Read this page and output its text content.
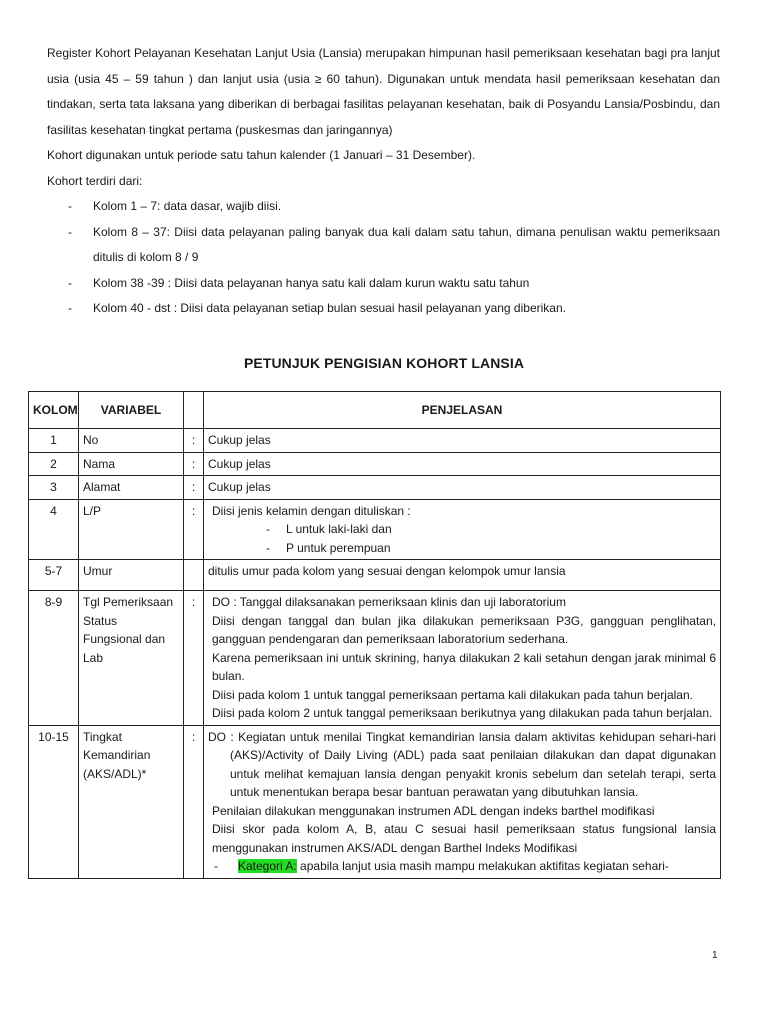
Register Kohort Pelayanan Kesehatan Lanjut Usia (Lansia) merupakan himpunan hasil pemeriksaan kesehatan bagi pra lanjut usia (usia 45 – 59 tahun ) dan lanjut usia (usia ≥ 60 tahun). Digunakan untuk mendata hasil pemeriksaan kesehatan dan tindakan, serta tata laksana yang diberikan di berbagai fasilitas pelayanan kesehatan, baik di Posyandu Lansia/Posbindu, dan fasilitas kesehatan tingkat pertama (puskesmas dan jaringannya)

Kohort digunakan untuk periode satu tahun kalender (1 Januari – 31 Desember).

Kohort terdiri dari:

- Kolom 1 – 7: data dasar, wajib diisi.
- Kolom 8 – 37: Diisi data pelayanan paling banyak dua kali dalam satu tahun, dimana penulisan waktu pemeriksaan ditulis di kolom 8 / 9
- Kolom 38 -39 : Diisi data pelayanan hanya satu kali dalam kurun waktu satu tahun
- Kolom 40 - dst : Diisi data pelayanan setiap bulan sesuai hasil pelayanan yang diberikan.
PETUNJUK PENGISIAN KOHORT LANSIA
KOLOM	VARIABEL		PENJELASAN
1	No	:	Cukup jelas
2	Nama	:	Cukup jelas
3	Alamat	:	Cukup jelas
4	L/P	:	Diisi jenis kelamin dengan dituliskan :
- L untuk laki-laki dan
- P untuk perempuan

5-7	Umur		ditulis umur pada kolom yang sesuai dengan kelompok umur lansia
8-9	Tgl Pemeriksaan Status Fungsional dan Lab	:	DO : Tanggal dilaksanakan pemeriksaan klinis dan uji laboratorium
Diisi dengan tanggal dan bulan jika dilakukan pemeriksaan P3G, gangguan penglihatan, gangguan pendengaran dan pemeriksaan laboratorium sederhana.
Karena pemeriksaan ini untuk skrining, hanya dilakukan 2 kali setahun dengan jarak minimal 6 bulan.
Diisi pada kolom 1 untuk tanggal pemeriksaan pertama kali dilakukan pada tahun berjalan.
Diisi pada kolom 2 untuk tanggal pemeriksaan berikutnya yang dilakukan pada tahun berjalan.

10-15	Tingkat Kemandirian (AKS/ADL)*	:	DO : Kegiatan untuk menilai Tingkat kemandirian lansia dalam aktivitas kehidupan sehari-hari (AKS)/Activity of Daily Living (ADL) pada saat penilaian dilakukan dan dapat digunakan untuk melihat kemajuan lansia dengan penyakit kronis sebelum dan setelah terapi, serta untuk menentukan berapa besar bantuan perawatan yang dibutuhkan lansia.
Penilaian dilakukan menggunakan instrumen ADL dengan indeks barthel modifikasi
Diisi skor pada kolom A, B, atau C sesuai hasil pemeriksaan status fungsional lansia menggunakan instrumen AKS/ADL dengan Barthel Indeks Modifikasi
- Kategori A: apabila lanjut usia masih mampu melakukan aktifitas kegiatan sehari-
1
